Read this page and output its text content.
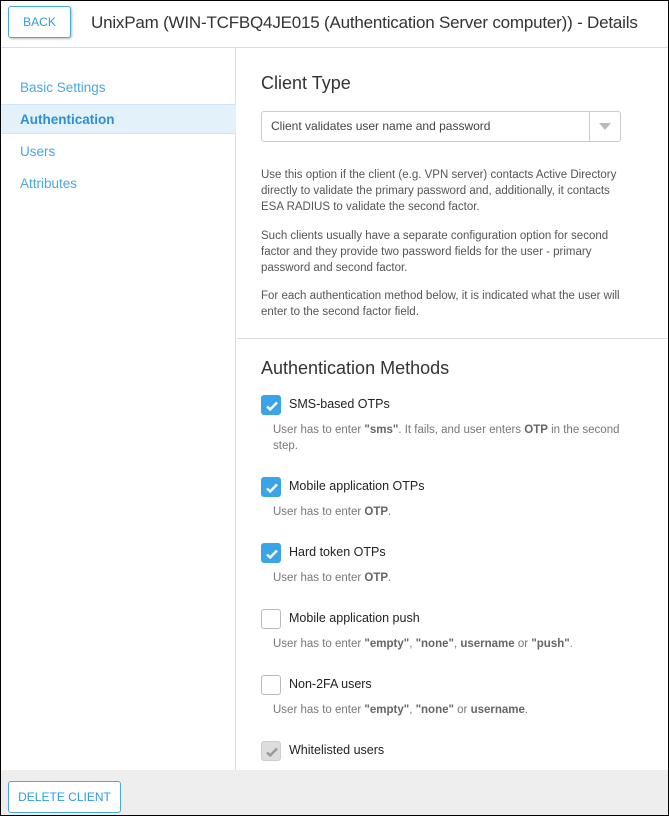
BACK	UnixPam (WIN-TCFBQ4JE015 (Authentication Server computer)) - Details
Basic Settings
Authentication
Users
Attributes
Client Type
Client validates user name and password
Use this option if the client (e.g. VPN server) contacts Active Directory directly to validate the primary password and, additionally, it contacts ESA RADIUS to validate the second factor.
Such clients usually have a separate configuration option for second factor and they provide two password fields for the user - primary password and second factor.
For each authentication method below, it is indicated what the user will enter to the second factor field.
Authentication Methods
SMS-based OTPs
User has to enter "sms". It fails, and user enters OTP in the second step.
Mobile application OTPs
User has to enter OTP.
Hard token OTPs
User has to enter OTP.
Mobile application push
User has to enter "empty", "none", username or "push".
Non-2FA users
User has to enter "empty", "none" or username.
Whitelisted users
DELETE CLIENT
